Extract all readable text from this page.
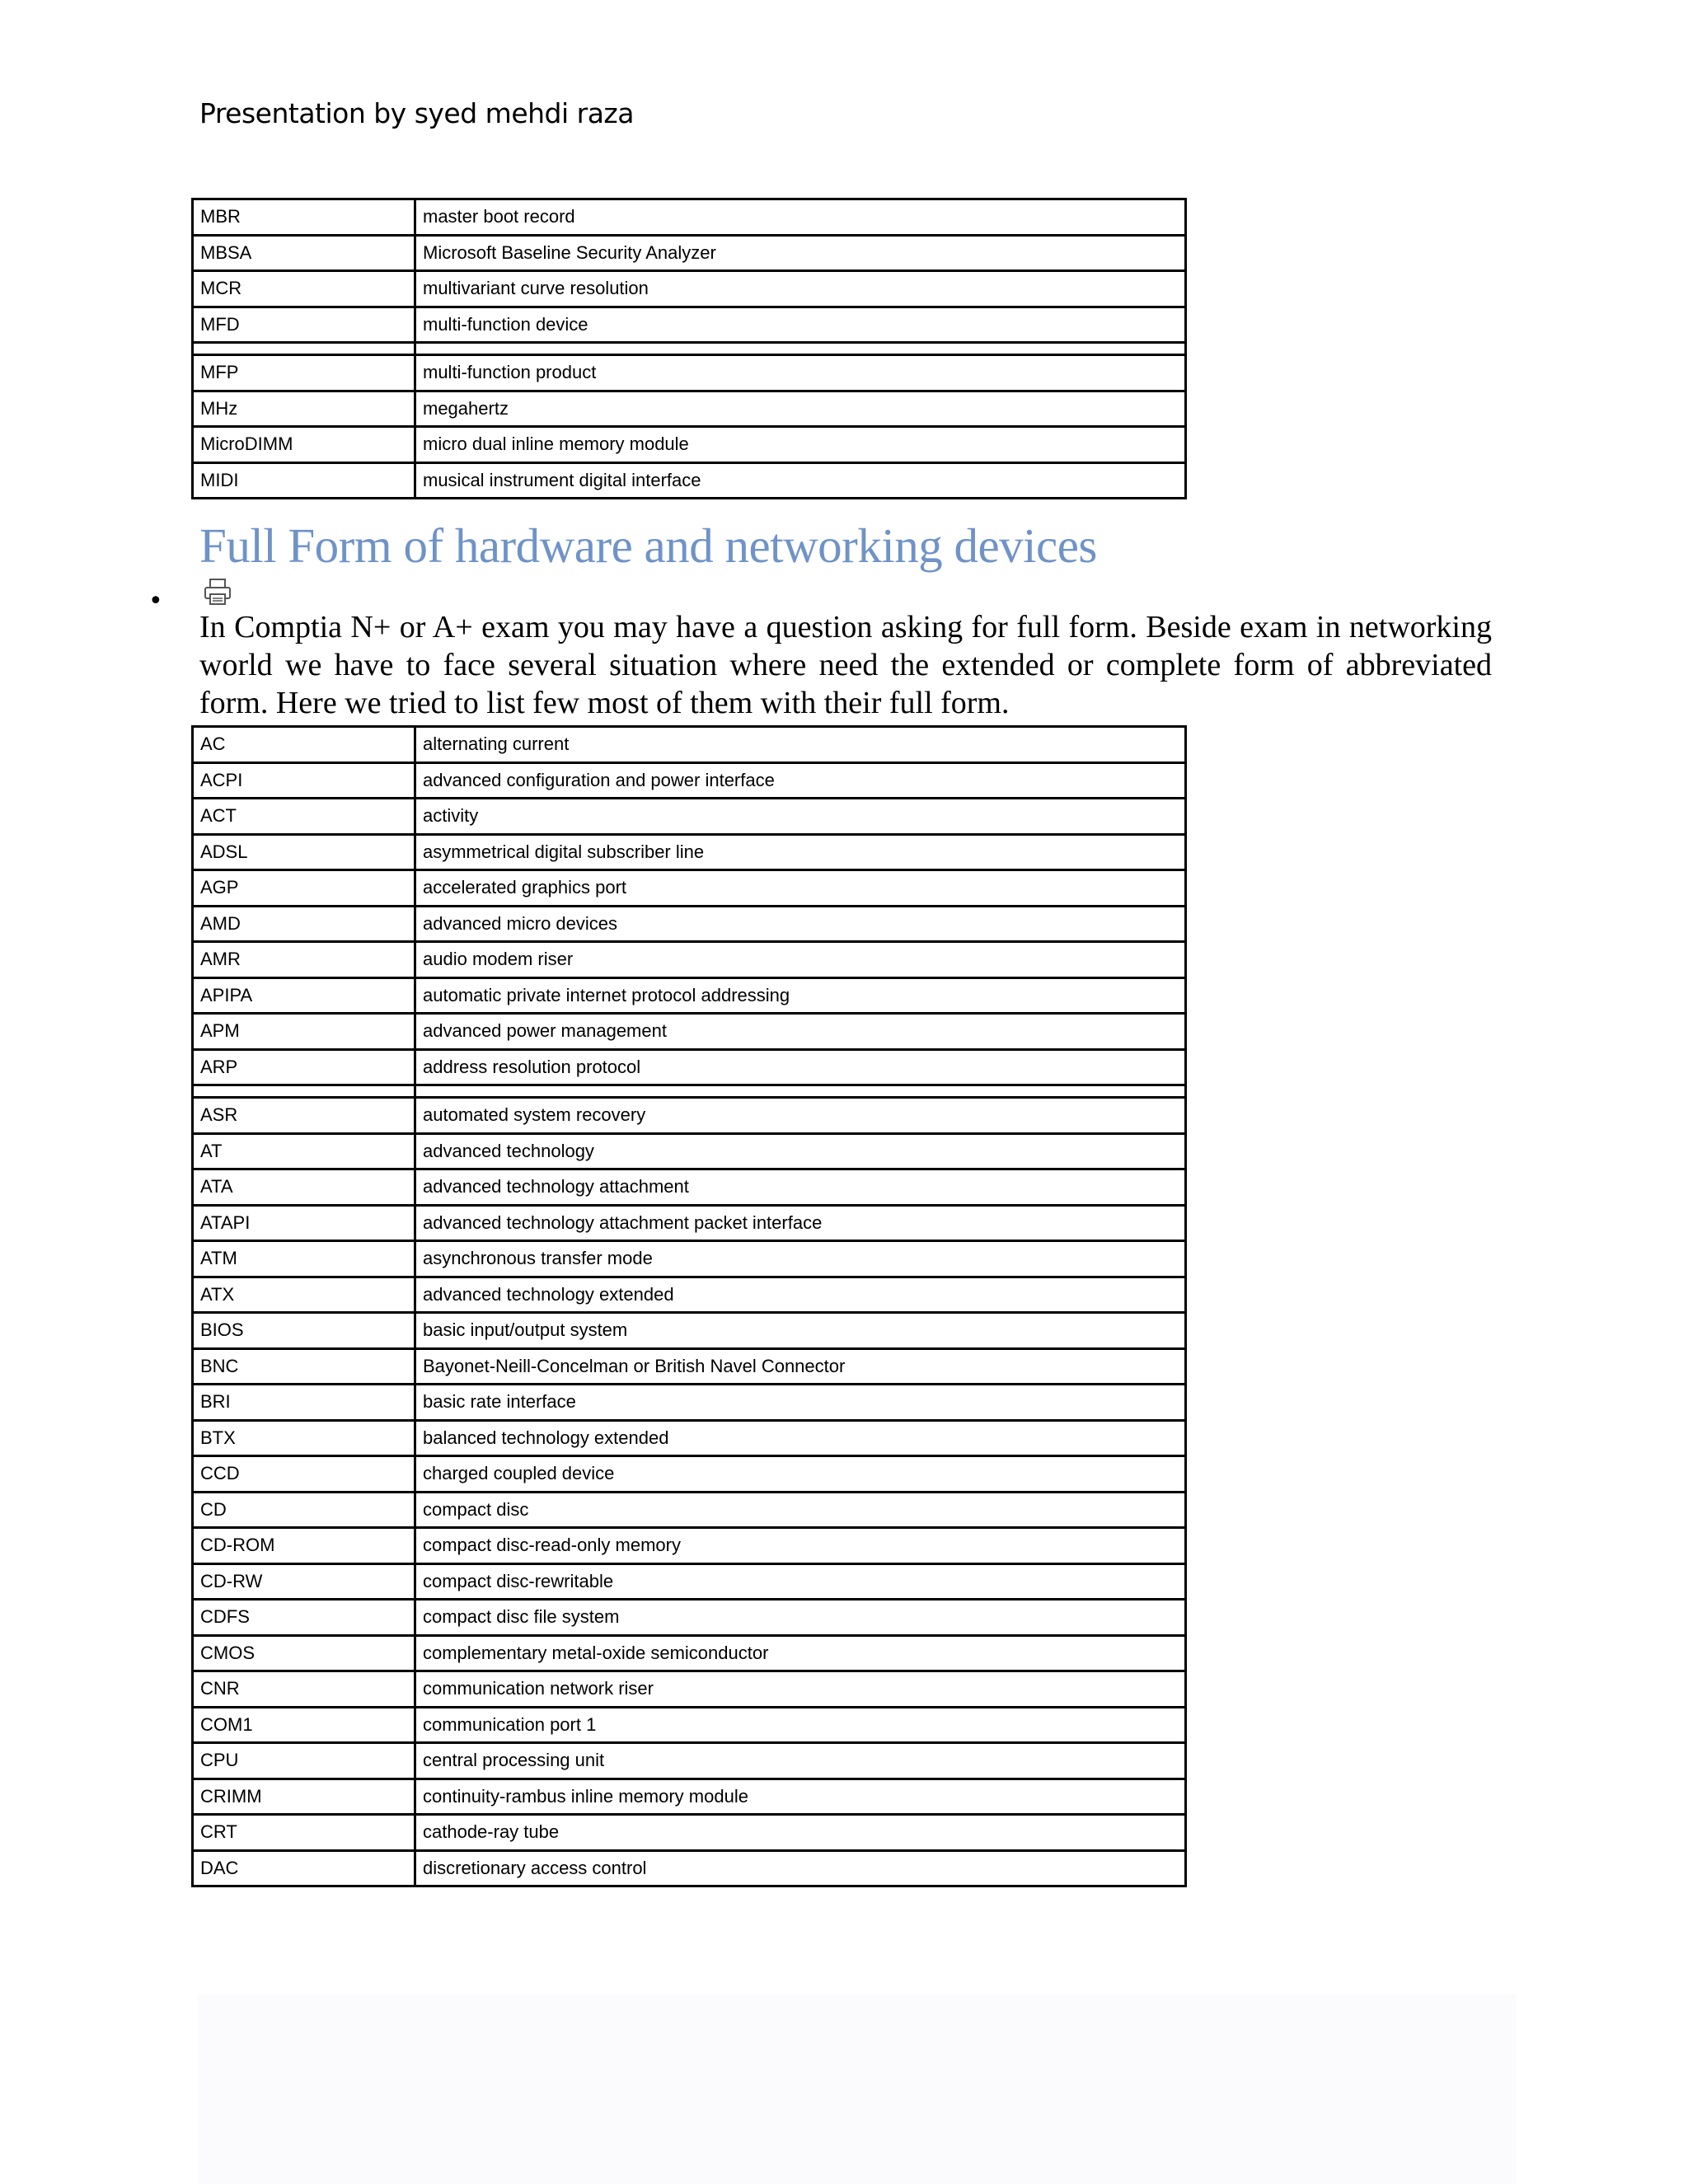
Presentation by syed mehdi raza
MBR	master boot record
MBSA	Microsoft Baseline Security Analyzer
MCR	multivariant curve resolution
MFD	multi-function device

MFP	multi-function product
MHz	megahertz
MicroDIMM	micro dual inline memory module
MIDI	musical instrument digital interface
Full Form of hardware and networking devices
•
In Comptia N+ or A+ exam you may have a question asking for full form. Beside exam in networking world we have to face several situation where need the extended or complete form of abbreviated form. Here we tried to list few most of them with their full form.
AC	alternating current
ACPI	advanced configuration and power interface
ACT	activity
ADSL	asymmetrical digital subscriber line
AGP	accelerated graphics port
AMD	advanced micro devices
AMR	audio modem riser
APIPA	automatic private internet protocol addressing
APM	advanced power management
ARP	address resolution protocol

ASR	automated system recovery
AT	advanced technology
ATA	advanced technology attachment
ATAPI	advanced technology attachment packet interface
ATM	asynchronous transfer mode
ATX	advanced technology extended
BIOS	basic input/output system
BNC	Bayonet-Neill-Concelman or British Navel Connector
BRI	basic rate interface
BTX	balanced technology extended
CCD	charged coupled device
CD	compact disc
CD-ROM	compact disc-read-only memory
CD-RW	compact disc-rewritable
CDFS	compact disc file system
CMOS	complementary metal-oxide semiconductor
CNR	communication network riser
COM1	communication port 1
CPU	central processing unit
CRIMM	continuity-rambus inline memory module
CRT	cathode-ray tube
DAC	discretionary access control
